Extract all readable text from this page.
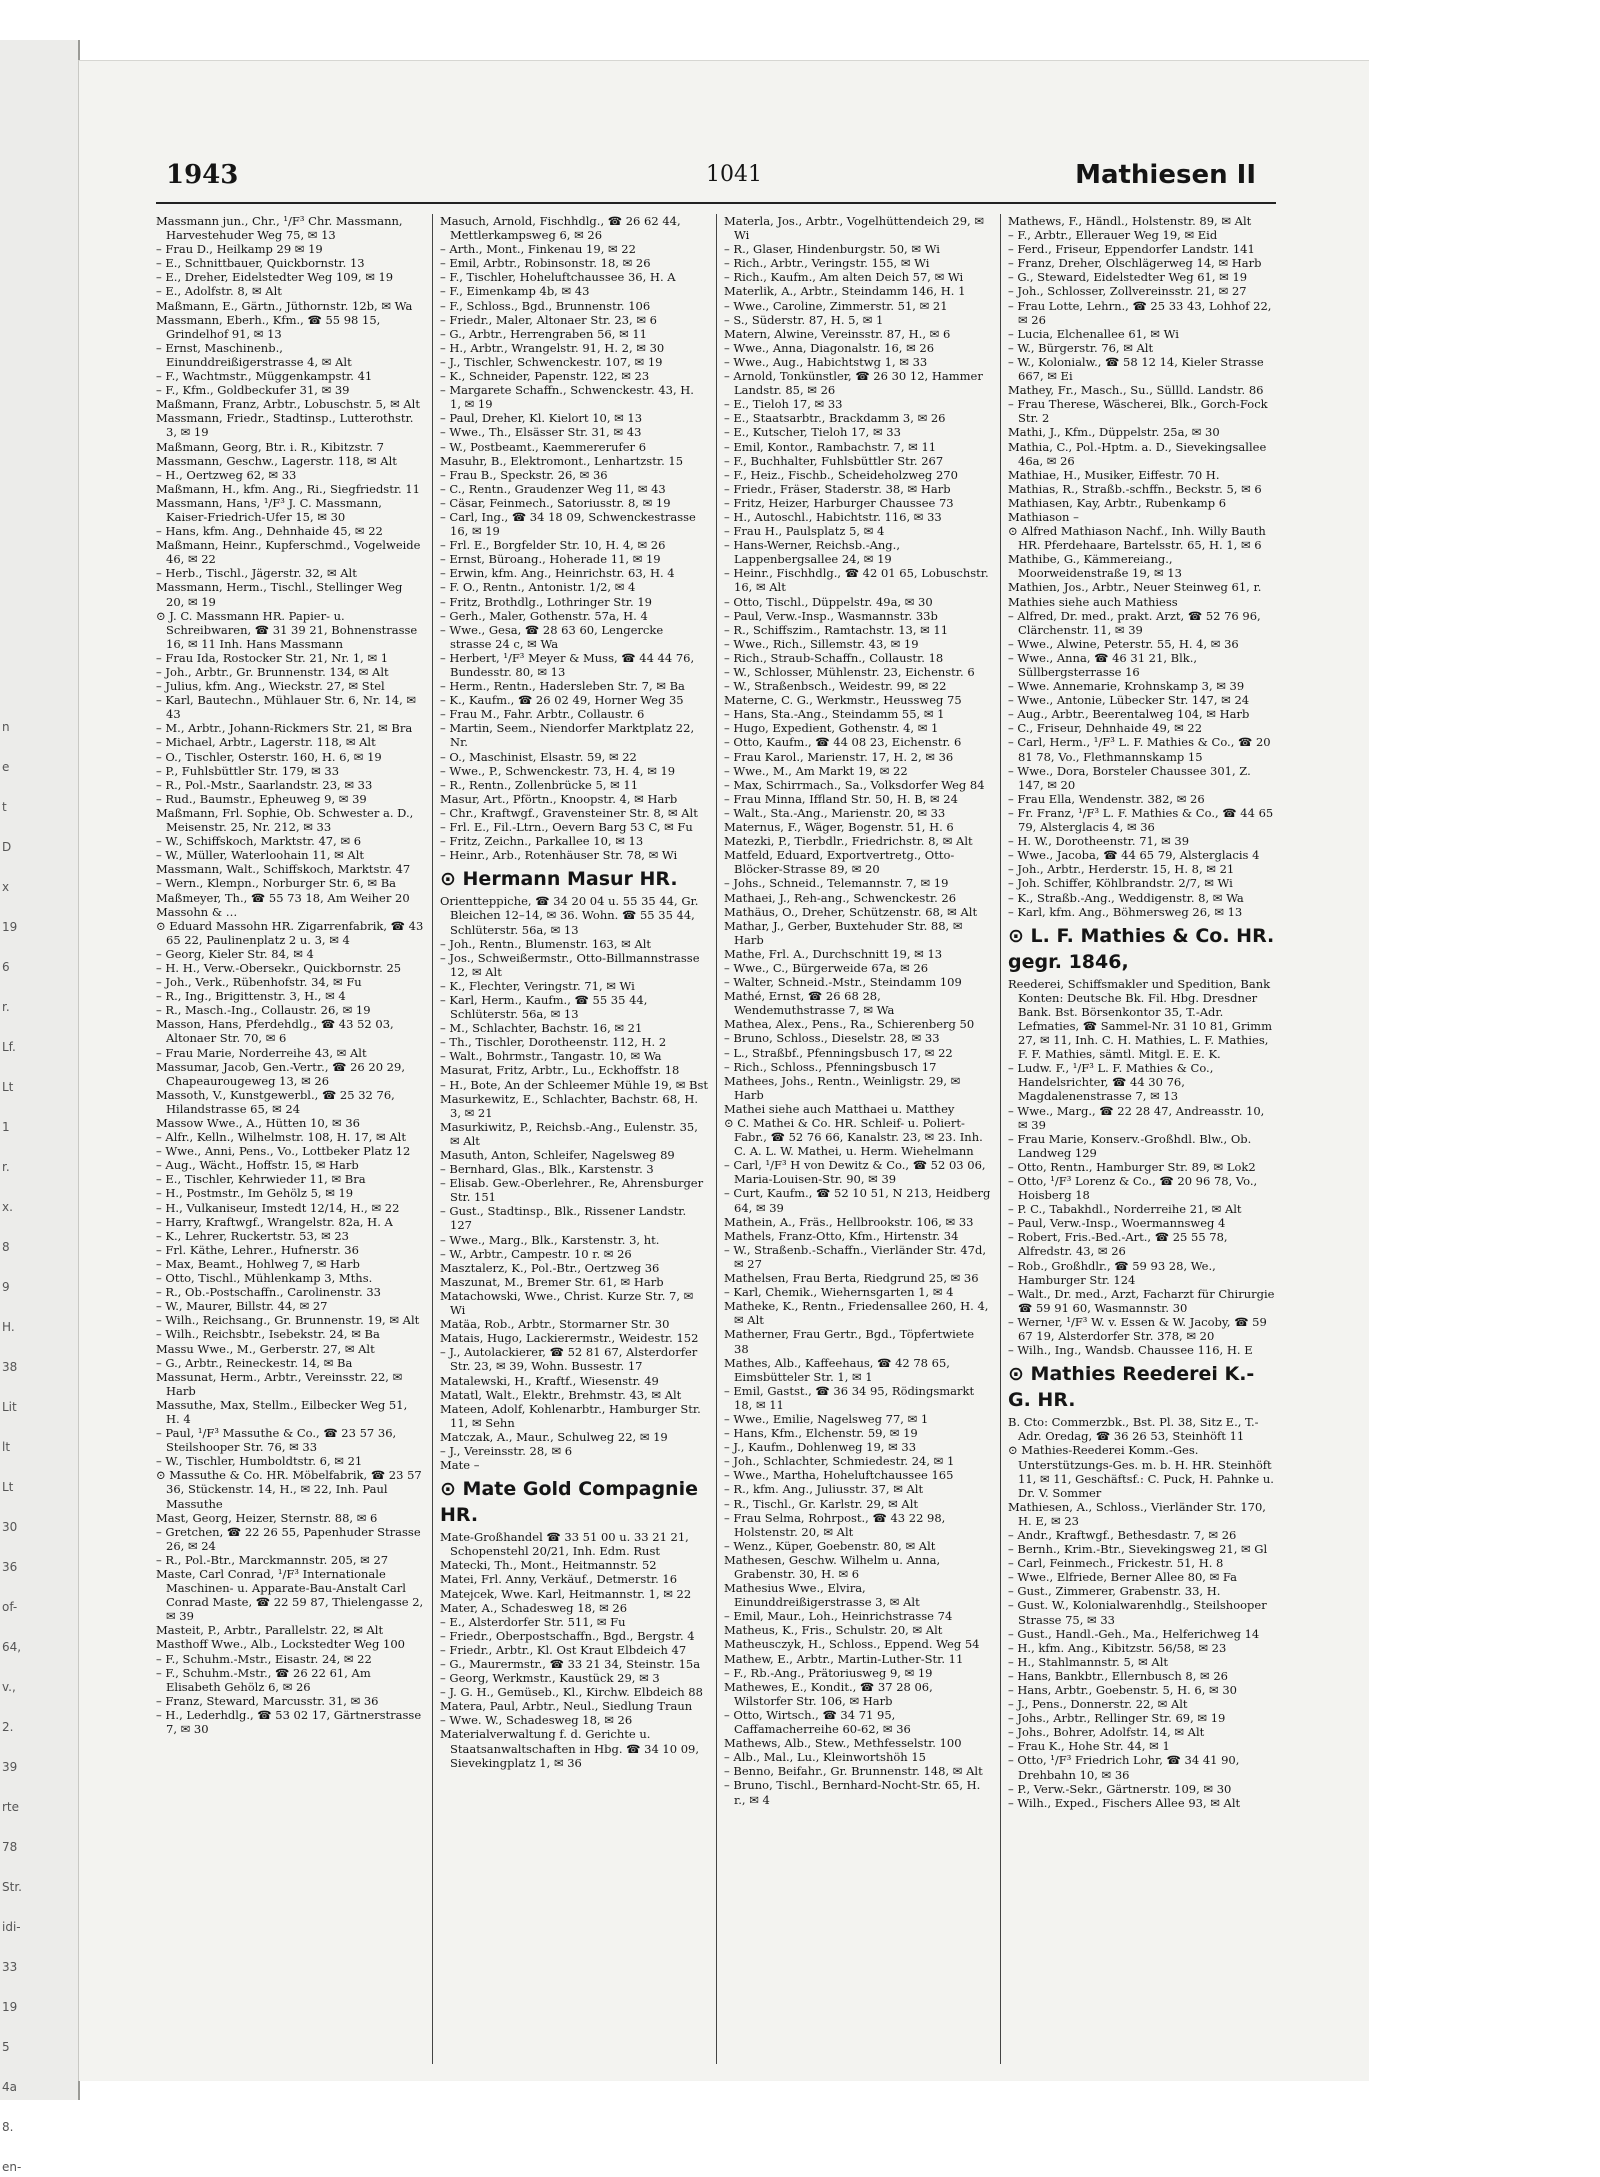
n
e
t
D
x
19
6
r.
Lf.
Lt
1
r.
x.
8
9
H.
38
Lit
lt
Lt
30
36
of-
64,
v.,
2.
39
rte
78
Str.
idi-
33
19
5
4a
8.
en-
1943	1041	Mathiesen II
Massmann jun., Chr., ¹/F³ Chr. Massmann, Harvestehuder Weg 75, ✉ 13
– Frau D., Heilkamp 29 ✉ 19
– E., Schnittbauer, Quickbornstr. 13
– E., Dreher, Eidelstedter Weg 109, ✉ 19
– E., Adolfstr. 8, ✉ Alt
Maßmann, E., Gärtn., Jüthornstr. 12b, ✉ Wa
Massmann, Eberh., Kfm., ☎ 55 98 15, Grindelhof 91, ✉ 13
– Ernst, Maschinenb., Einunddreißigerstrasse 4, ✉ Alt
– F., Wachtmstr., Müggenkampstr. 41
– F., Kfm., Goldbeckufer 31, ✉ 39
Maßmann, Franz, Arbtr., Lobuschstr. 5, ✉ Alt
Massmann, Friedr., Stadtinsp., Lutterothstr. 3, ✉ 19
Maßmann, Georg, Btr. i. R., Kibitzstr. 7
Massmann, Geschw., Lagerstr. 118, ✉ Alt
– H., Oertzweg 62, ✉ 33
Maßmann, H., kfm. Ang., Ri., Siegfriedstr. 11
Massmann, Hans, ¹/F³ J. C. Massmann, Kaiser-Friedrich-Ufer 15, ✉ 30
– Hans, kfm. Ang., Dehnhaide 45, ✉ 22
Maßmann, Heinr., Kupferschmd., Vogelweide 46, ✉ 22
– Herb., Tischl., Jägerstr. 32, ✉ Alt
Massmann, Herm., Tischl., Stellinger Weg 20, ✉ 19
⊙ J. C. Massmann HR. Papier- u. Schreibwaren, ☎ 31 39 21, Bohnenstrasse 16, ✉ 11 Inh. Hans Massmann
– Frau Ida, Rostocker Str. 21, Nr. 1, ✉ 1
– Joh., Arbtr., Gr. Brunnenstr. 134, ✉ Alt
– Julius, kfm. Ang., Wieckstr. 27, ✉ Stel
– Karl, Bautechn., Mühlauer Str. 6, Nr. 14, ✉ 43
– M., Arbtr., Johann-Rickmers Str. 21, ✉ Bra
– Michael, Arbtr., Lagerstr. 118, ✉ Alt
– O., Tischler, Osterstr. 160, H. 6, ✉ 19
– P., Fuhlsbüttler Str. 179, ✉ 33
– R., Pol.-Mstr., Saarlandstr. 23, ✉ 33
– Rud., Baumstr., Epheuweg 9, ✉ 39
Maßmann, Frl. Sophie, Ob. Schwester a. D., Meisenstr. 25, Nr. 212, ✉ 33
– W., Schiffskoch, Marktstr. 47, ✉ 6
– W., Müller, Waterloohain 11, ✉ Alt
Massmann, Walt., Schiffskoch, Marktstr. 47
– Wern., Klempn., Norburger Str. 6, ✉ Ba
Maßmeyer, Th., ☎ 55 73 18, Am Weiher 20
Massohn & …
⊙ Eduard Massohn HR. Zigarrenfabrik, ☎ 43 65 22, Paulinenplatz 2 u. 3, ✉ 4
– Georg, Kieler Str. 84, ✉ 4
– H. H., Verw.-Obersekr., Quickbornstr. 25
– Joh., Verk., Rübenhofstr. 34, ✉ Fu
– R., Ing., Brigittenstr. 3, H., ✉ 4
– R., Masch.-Ing., Collaustr. 26, ✉ 19
Masson, Hans, Pferdehdlg., ☎ 43 52 03, Altonaer Str. 70, ✉ 6
– Frau Marie, Norderreihe 43, ✉ Alt
Massumar, Jacob, Gen.-Vertr., ☎ 26 20 29, Chapeaurougeweg 13, ✉ 26
Massoth, V., Kunstgewerbl., ☎ 25 32 76, Hilandstrasse 65, ✉ 24
Massow Wwe., A., Hütten 10, ✉ 36
– Alfr., Kelln., Wilhelmstr. 108, H. 17, ✉ Alt
– Wwe., Anni, Pens., Vo., Lottbeker Platz 12
– Aug., Wächt., Hoffstr. 15, ✉ Harb
– E., Tischler, Kehrwieder 11, ✉ Bra
– H., Postmstr., Im Gehölz 5, ✉ 19
– H., Vulkaniseur, Imstedt 12/14, H., ✉ 22
– Harry, Kraftwgf., Wrangelstr. 82a, H. A
– K., Lehrer, Ruckertstr. 53, ✉ 23
– Frl. Käthe, Lehrer., Hufnerstr. 36
– Max, Beamt., Hohlweg 7, ✉ Harb
– Otto, Tischl., Mühlenkamp 3, Mths.
– R., Ob.-Postschaffn., Carolinenstr. 33
– W., Maurer, Billstr. 44, ✉ 27
– Wilh., Reichsang., Gr. Brunnenstr. 19, ✉ Alt
– Wilh., Reichsbtr., Isebekstr. 24, ✉ Ba
Massu Wwe., M., Gerberstr. 27, ✉ Alt
– G., Arbtr., Reineckestr. 14, ✉ Ba
Massunat, Herm., Arbtr., Vereinsstr. 22, ✉ Harb
Massuthe, Max, Stellm., Eilbecker Weg 51, H. 4
– Paul, ¹/F³ Massuthe & Co., ☎ 23 57 36, Steilshooper Str. 76, ✉ 33
– W., Tischler, Humboldtstr. 6, ✉ 21
⊙ Massuthe & Co. HR. Möbelfabrik, ☎ 23 57 36, Stückenstr. 14, H., ✉ 22, Inh. Paul Massuthe
Mast, Georg, Heizer, Sternstr. 88, ✉ 6
– Gretchen, ☎ 22 26 55, Papenhuder Strasse 26, ✉ 24
– R., Pol.-Btr., Marckmannstr. 205, ✉ 27
Maste, Carl Conrad, ¹/F³ Internationale Maschinen- u. Apparate-Bau-Anstalt Carl Conrad Maste, ☎ 22 59 87, Thielengasse 2, ✉ 39
Masteit, P., Arbtr., Parallelstr. 22, ✉ Alt
Masthoff Wwe., Alb., Lockstedter Weg 100
– F., Schuhm.-Mstr., Eisastr. 24, ✉ 22
– F., Schuhm.-Mstr., ☎ 26 22 61, Am Elisabeth Gehölz 6, ✉ 26
– Franz, Steward, Marcusstr. 31, ✉ 36
– H., Lederhdlg., ☎ 53 02 17, Gärtnerstrasse 7, ✉ 30
Masuch, Arnold, Fischhdlg., ☎ 26 62 44, Mettlerkampsweg 6, ✉ 26
– Arth., Mont., Finkenau 19, ✉ 22
– Emil, Arbtr., Robinsonstr. 18, ✉ 26
– F., Tischler, Hoheluftchaussee 36, H. A
– F., Eimenkamp 4b, ✉ 43
– F., Schloss., Bgd., Brunnenstr. 106
– Friedr., Maler, Altonaer Str. 23, ✉ 6
– G., Arbtr., Herrengraben 56, ✉ 11
– H., Arbtr., Wrangelstr. 91, H. 2, ✉ 30
– J., Tischler, Schwenckestr. 107, ✉ 19
– K., Schneider, Papenstr. 122, ✉ 23
– Margarete Schaffn., Schwenckestr. 43, H. 1, ✉ 19
– Paul, Dreher, Kl. Kielort 10, ✉ 13
– Wwe., Th., Elsässer Str. 31, ✉ 43
– W., Postbeamt., Kaemmererufer 6
Masuhr, B., Elektromont., Lenhartzstr. 15
– Frau B., Speckstr. 26, ✉ 36
– C., Rentn., Graudenzer Weg 11, ✉ 43
– Cäsar, Feinmech., Satoriusstr. 8, ✉ 19
– Carl, Ing., ☎ 34 18 09, Schwenckestrasse 16, ✉ 19
– Frl. E., Borgfelder Str. 10, H. 4, ✉ 26
– Ernst, Büroang., Hoherade 11, ✉ 19
– Erwin, kfm. Ang., Heinrichstr. 63, H. 4
– F. O., Rentn., Antonistr. 1/2, ✉ 4
– Fritz, Brothdlg., Lothringer Str. 19
– Gerh., Maler, Gothenstr. 57a, H. 4
– Wwe., Gesa, ☎ 28 63 60, Lengercke strasse 24 c, ✉ Wa
– Herbert, ¹/F³ Meyer & Muss, ☎ 44 44 76, Bundesstr. 80, ✉ 13
– Herm., Rentn., Hadersleben Str. 7, ✉ Ba
– K., Kaufm., ☎ 26 02 49, Horner Weg 35
– Frau M., Fahr. Arbtr., Collaustr. 6
– Martin, Seem., Niendorfer Marktplatz 22, Nr.
– O., Maschinist, Elsastr. 59, ✉ 22
– Wwe., P., Schwenckestr. 73, H. 4, ✉ 19
– R., Rentn., Zollenbrücke 5, ✉ 11
Masur, Art., Pförtn., Knoopstr. 4, ✉ Harb
– Chr., Kraftwgf., Gravensteiner Str. 8, ✉ Alt
– Frl. E., Fil.-Ltrn., Oevern Barg 53 C, ✉ Fu
– Fritz, Zeichn., Parkallee 10, ✉ 13
– Heinr., Arb., Rotenhäuser Str. 78, ✉ Wi
⊙ Hermann Masur HR.
Orientteppiche, ☎ 34 20 04 u. 55 35 44, Gr. Bleichen 12–14, ✉ 36. Wohn. ☎ 55 35 44, Schlüterstr. 56a, ✉ 13
– Joh., Rentn., Blumenstr. 163, ✉ Alt
– Jos., Schweißermstr., Otto-Billmannstrasse 12, ✉ Alt
– K., Flechter, Veringstr. 71, ✉ Wi
– Karl, Herm., Kaufm., ☎ 55 35 44, Schlüterstr. 56a, ✉ 13
– M., Schlachter, Bachstr. 16, ✉ 21
– Th., Tischler, Dorotheenstr. 112, H. 2
– Walt., Bohrmstr., Tangastr. 10, ✉ Wa
Masurat, Fritz, Arbtr., Lu., Eckhoffstr. 18
– H., Bote, An der Schleemer Mühle 19, ✉ Bst
Masurkewitz, E., Schlachter, Bachstr. 68, H. 3, ✉ 21
Masurkiwitz, P., Reichsb.-Ang., Eulenstr. 35, ✉ Alt
Masuth, Anton, Schleifer, Nagelsweg 89
– Bernhard, Glas., Blk., Karstenstr. 3
– Elisab. Gew.-Oberlehrer., Re, Ahrensburger Str. 151
– Gust., Stadtinsp., Blk., Rissener Landstr. 127
– Wwe., Marg., Blk., Karstenstr. 3, ht.
– W., Arbtr., Campestr. 10 r. ✉ 26
Masztalerz, K., Pol.-Btr., Oertzweg 36
Maszunat, M., Bremer Str. 61, ✉ Harb
Matachowski, Wwe., Christ. Kurze Str. 7, ✉ Wi
Matäa, Rob., Arbtr., Stormarner Str. 30
Matais, Hugo, Lackierermstr., Weidestr. 152
– J., Autolackierer, ☎ 52 81 67, Alsterdorfer Str. 23, ✉ 39, Wohn. Bussestr. 17
Matalewski, H., Kraftf., Wiesenstr. 49
Matatl, Walt., Elektr., Brehmstr. 43, ✉ Alt
Mateen, Adolf, Kohlenarbtr., Hamburger Str. 11, ✉ Sehn
Matczak, A., Maur., Schulweg 22, ✉ 19
– J., Vereinsstr. 28, ✉ 6
Mate –
⊙ Mate Gold Compagnie HR.
Mate-Großhandel ☎ 33 51 00 u. 33 21 21, Schopenstehl 20/21, Inh. Edm. Rust
Matecki, Th., Mont., Heitmannstr. 52
Matei, Frl. Anny, Verkäuf., Detmerstr. 16
Matejcek, Wwe. Karl, Heitmannstr. 1, ✉ 22
Mater, A., Schadesweg 18, ✉ 26
– E., Alsterdorfer Str. 511, ✉ Fu
– Friedr., Oberpostschaffn., Bgd., Bergstr. 4
– Friedr., Arbtr., Kl. Ost Kraut Elbdeich 47
– G., Maurermstr., ☎ 33 21 34, Steinstr. 15a
– Georg, Werkmstr., Kaustück 29, ✉ 3
– J. G. H., Gemüseb., Kl., Kirchw. Elbdeich 88
Matera, Paul, Arbtr., Neul., Siedlung Traun
– Wwe. W., Schadesweg 18, ✉ 26
Materialverwaltung f. d. Gerichte u. Staatsanwaltschaften in Hbg. ☎ 34 10 09, Sievekingplatz 1, ✉ 36
Materla, Jos., Arbtr., Vogelhüttendeich 29, ✉ Wi
– R., Glaser, Hindenburgstr. 50, ✉ Wi
– Rich., Arbtr., Veringstr. 155, ✉ Wi
– Rich., Kaufm., Am alten Deich 57, ✉ Wi
Materlik, A., Arbtr., Steindamm 146, H. 1
– Wwe., Caroline, Zimmerstr. 51, ✉ 21
– S., Süderstr. 87, H. 5, ✉ 1
Matern, Alwine, Vereinsstr. 87, H., ✉ 6
– Wwe., Anna, Diagonalstr. 16, ✉ 26
– Wwe., Aug., Habichtstwg 1, ✉ 33
– Arnold, Tonkünstler, ☎ 26 30 12, Hammer Landstr. 85, ✉ 26
– E., Tieloh 17, ✉ 33
– E., Staatsarbtr., Brackdamm 3, ✉ 26
– E., Kutscher, Tieloh 17, ✉ 33
– Emil, Kontor., Rambachstr. 7, ✉ 11
– F., Buchhalter, Fuhlsbüttler Str. 267
– F., Heiz., Fischb., Scheideholzweg 270
– Friedr., Fräser, Staderstr. 38, ✉ Harb
– Fritz, Heizer, Harburger Chaussee 73
– H., Autoschl., Habichtstr. 116, ✉ 33
– Frau H., Paulsplatz 5, ✉ 4
– Hans-Werner, Reichsb.-Ang., Lappenbergsallee 24, ✉ 19
– Heinr., Fischhdlg., ☎ 42 01 65, Lobuschstr. 16, ✉ Alt
– Otto, Tischl., Düppelstr. 49a, ✉ 30
– Paul, Verw.-Insp., Wasmannstr. 33b
– R., Schiffszim., Ramtachstr. 13, ✉ 11
– Wwe., Rich., Sillemstr. 43, ✉ 19
– Rich., Straub-Schaffn., Collaustr. 18
– W., Schlosser, Mühlenstr. 23, Eichenstr. 6
– W., Straßenbsch., Weidestr. 99, ✉ 22
Materne, C. G., Werkmstr., Heussweg 75
– Hans, Sta.-Ang., Steindamm 55, ✉ 1
– Hugo, Expedient, Gothenstr. 4, ✉ 1
– Otto, Kaufm., ☎ 44 08 23, Eichenstr. 6
– Frau Karol., Marienstr. 17, H. 2, ✉ 36
– Wwe., M., Am Markt 19, ✉ 22
– Max, Schirrmach., Sa., Volksdorfer Weg 84
– Frau Minna, Iffland Str. 50, H. B, ✉ 24
– Walt., Sta.-Ang., Marienstr. 20, ✉ 33
Maternus, F., Wäger, Bogenstr. 51, H. 6
Matezki, P., Tierbdlr., Friedrichstr. 8, ✉ Alt
Matfeld, Eduard, Exportvertretg., Otto-Blöcker-Strasse 89, ✉ 20
– Johs., Schneid., Telemannstr. 7, ✉ 19
Mathaei, J., Reh-ang., Schwenckestr. 26
Mathäus, O., Dreher, Schützenstr. 68, ✉ Alt
Mathar, J., Gerber, Buxtehuder Str. 88, ✉ Harb
Mathe, Frl. A., Durchschnitt 19, ✉ 13
– Wwe., C., Bürgerweide 67a, ✉ 26
– Walter, Schneid.-Mstr., Steindamm 109
Mathé, Ernst, ☎ 26 68 28, Wendemuthstrasse 7, ✉ Wa
Mathea, Alex., Pens., Ra., Schierenberg 50
– Bruno, Schloss., Dieselstr. 28, ✉ 33
– L., Straßbf., Pfenningsbusch 17, ✉ 22
– Rich., Schloss., Pfenningsbusch 17
Mathees, Johs., Rentn., Weinligstr. 29, ✉ Harb
Mathei siehe auch Matthaei u. Matthey
⊙ C. Mathei & Co. HR. Schleif- u. Poliert-Fabr., ☎ 52 76 66, Kanalstr. 23, ✉ 23. Inh. C. A. L. W. Mathei, u. Herm. Wiehelmann
– Carl, ¹/F³ H von Dewitz & Co., ☎ 52 03 06, Maria-Louisen-Str. 90, ✉ 39
– Curt, Kaufm., ☎ 52 10 51, N 213, Heidberg 64, ✉ 39
Mathein, A., Fräs., Hellbrookstr. 106, ✉ 33
Mathels, Franz-Otto, Kfm., Hirtenstr. 34
– W., Straßenb.-Schaffn., Vierländer Str. 47d, ✉ 27
Mathelsen, Frau Berta, Riedgrund 25, ✉ 36
– Karl, Chemik., Wiehernsgarten 1, ✉ 4
Matheke, K., Rentn., Friedensallee 260, H. 4, ✉ Alt
Matherner, Frau Gertr., Bgd., Töpfertwiete 38
Mathes, Alb., Kaffeehaus, ☎ 42 78 65, Eimsbütteler Str. 1, ✉ 1
– Emil, Gastst., ☎ 36 34 95, Rödingsmarkt 18, ✉ 11
– Wwe., Emilie, Nagelsweg 77, ✉ 1
– Hans, Kfm., Elchenstr. 59, ✉ 19
– J., Kaufm., Dohlenweg 19, ✉ 33
– Joh., Schlachter, Schmiedestr. 24, ✉ 1
– Wwe., Martha, Hoheluftchaussee 165
– R., kfm. Ang., Juliusstr. 37, ✉ Alt
– R., Tischl., Gr. Karlstr. 29, ✉ Alt
– Frau Selma, Rohrpost., ☎ 43 22 98, Holstenstr. 20, ✉ Alt
– Wenz., Küper, Goebenstr. 80, ✉ Alt
Mathesen, Geschw. Wilhelm u. Anna, Grabenstr. 30, H. ✉ 6
Mathesius Wwe., Elvira, Einunddreißigerstrasse 3, ✉ Alt
– Emil, Maur., Loh., Heinrichstrasse 74
Matheus, K., Fris., Schulstr. 20, ✉ Alt
Matheusczyk, H., Schloss., Eppend. Weg 54
Mathew, E., Arbtr., Martin-Luther-Str. 11
– F., Rb.-Ang., Prätoriusweg 9, ✉ 19
Mathewes, E., Kondit., ☎ 37 28 06, Wilstorfer Str. 106, ✉ Harb
– Otto, Wirtsch., ☎ 34 71 95, Caffamacherreihe 60-62, ✉ 36
Mathews, Alb., Stew., Methfesselstr. 100
– Alb., Mal., Lu., Kleinwortshöh 15
– Benno, Beifahr., Gr. Brunnenstr. 148, ✉ Alt
– Bruno, Tischl., Bernhard-Nocht-Str. 65, H. r., ✉ 4
Mathews, F., Händl., Holstenstr. 89, ✉ Alt
– F., Arbtr., Ellerauer Weg 19, ✉ Eid
– Ferd., Friseur, Eppendorfer Landstr. 141
– Franz, Dreher, Olschlägerweg 14, ✉ Harb
– G., Steward, Eidelstedter Weg 61, ✉ 19
– Joh., Schlosser, Zollvereinsstr. 21, ✉ 27
– Frau Lotte, Lehrn., ☎ 25 33 43, Lohhof 22, ✉ 26
– Lucia, Elchenallee 61, ✉ Wi
– W., Bürgerstr. 76, ✉ Alt
– W., Kolonialw., ☎ 58 12 14, Kieler Strasse 667, ✉ Ei
Mathey, Fr., Masch., Su., Süllld. Landstr. 86
– Frau Therese, Wäscherei, Blk., Gorch-Fock Str. 2
Mathi, J., Kfm., Düppelstr. 25a, ✉ 30
Mathia, C., Pol.-Hptm. a. D., Sievekingsallee 46a, ✉ 26
Mathiae, H., Musiker, Eiffestr. 70 H.
Mathias, R., Straßb.-schffn., Beckstr. 5, ✉ 6
Mathiasen, Kay, Arbtr., Rubenkamp 6
Mathiason –
⊙ Alfred Mathiason Nachf., Inh. Willy Bauth HR. Pferdehaare, Bartelsstr. 65, H. 1, ✉ 6
Mathibe, G., Kämmereiang., Moorweidenstraße 19, ✉ 13
Mathien, Jos., Arbtr., Neuer Steinweg 61, r.
Mathies siehe auch Mathiess
– Alfred, Dr. med., prakt. Arzt, ☎ 52 76 96, Clärchenstr. 11, ✉ 39
– Wwe., Alwine, Peterstr. 55, H. 4, ✉ 36
– Wwe., Anna, ☎ 46 31 21, Blk., Süllbergsterrasse 16
– Wwe. Annemarie, Krohnskamp 3, ✉ 39
– Wwe., Antonie, Lübecker Str. 147, ✉ 24
– Aug., Arbtr., Beerentalweg 104, ✉ Harb
– C., Friseur, Dehnhaide 49, ✉ 22
– Carl, Herm., ¹/F³ L. F. Mathies & Co., ☎ 20 81 78, Vo., Flethmannskamp 15
– Wwe., Dora, Borsteler Chaussee 301, Z. 147, ✉ 20
– Frau Ella, Wendenstr. 382, ✉ 26
– Fr. Franz, ¹/F³ L. F. Mathies & Co., ☎ 44 65 79, Alsterglacis 4, ✉ 36
– H. W., Dorotheenstr. 71, ✉ 39
– Wwe., Jacoba, ☎ 44 65 79, Alsterglacis 4
– Joh., Arbtr., Herderstr. 15, H. 8, ✉ 21
– Joh. Schiffer, Köhlbrandstr. 2/7, ✉ Wi
– K., Straßb.-Ang., Weddigenstr. 8, ✉ Wa
– Karl, kfm. Ang., Böhmersweg 26, ✉ 13
⊙ L. F. Mathies & Co. HR. gegr. 1846,
Reederei, Schiffsmakler und Spedition, Bank Konten: Deutsche Bk. Fil. Hbg. Dresdner Bank. Bst. Börsenkontor 35, T.-Adr. Lefmaties, ☎ Sammel-Nr. 31 10 81, Grimm 27, ✉ 11, Inh. C. H. Mathies, L. F. Mathies, F. F. Mathies, sämtl. Mitgl. E. E. K.
– Ludw. F., ¹/F³ L. F. Mathies & Co., Handelsrichter, ☎ 44 30 76, Magdalenenstrasse 7, ✉ 13
– Wwe., Marg., ☎ 22 28 47, Andreasstr. 10, ✉ 39
– Frau Marie, Konserv.-Großhdl. Blw., Ob. Landweg 129
– Otto, Rentn., Hamburger Str. 89, ✉ Lok2
– Otto, ¹/F³ Lorenz & Co., ☎ 20 96 78, Vo., Hoisberg 18
– P. C., Tabakhdl., Norderreihe 21, ✉ Alt
– Paul, Verw.-Insp., Woermannsweg 4
– Robert, Fris.-Bed.-Art., ☎ 25 55 78, Alfredstr. 43, ✉ 26
– Rob., Großhdlr., ☎ 59 93 28, We., Hamburger Str. 124
– Walt., Dr. med., Arzt, Facharzt für Chirurgie ☎ 59 91 60, Wasmannstr. 30
– Werner, ¹/F³ W. v. Essen & W. Jacoby, ☎ 59 67 19, Alsterdorfer Str. 378, ✉ 20
– Wilh., Ing., Wandsb. Chaussee 116, H. E
⊙ Mathies Reederei K.-G. HR.
B. Cto: Commerzbk., Bst. Pl. 38, Sitz E., T.-Adr. Oredag, ☎ 36 26 53, Steinhöft 11
⊙ Mathies-Reederei Komm.-Ges. Unterstützungs-Ges. m. b. H. HR. Steinhöft 11, ✉ 11, Geschäftsf.: C. Puck, H. Pahnke u. Dr. V. Sommer
Mathiesen, A., Schloss., Vierländer Str. 170, H. E, ✉ 23
– Andr., Kraftwgf., Bethesdastr. 7, ✉ 26
– Bernh., Krim.-Btr., Sievekingsweg 21, ✉ Gl
– Carl, Feinmech., Frickestr. 51, H. 8
– Wwe., Elfriede, Berner Allee 80, ✉ Fa
– Gust., Zimmerer, Grabenstr. 33, H.
– Gust. W., Kolonialwarenhdlg., Steilshooper Strasse 75, ✉ 33
– Gust., Handl.-Geh., Ma., Helferichweg 14
– H., kfm. Ang., Kibitzstr. 56/58, ✉ 23
– H., Stahlmannstr. 5, ✉ Alt
– Hans, Bankbtr., Ellernbusch 8, ✉ 26
– Hans, Arbtr., Goebenstr. 5, H. 6, ✉ 30
– J., Pens., Donnerstr. 22, ✉ Alt
– Johs., Arbtr., Rellinger Str. 69, ✉ 19
– Johs., Bohrer, Adolfstr. 14, ✉ Alt
– Frau K., Hohe Str. 44, ✉ 1
– Otto, ¹/F³ Friedrich Lohr, ☎ 34 41 90, Drehbahn 10, ✉ 36
– P., Verw.-Sekr., Gärtnerstr. 109, ✉ 30
– Wilh., Exped., Fischers Allee 93, ✉ Alt
